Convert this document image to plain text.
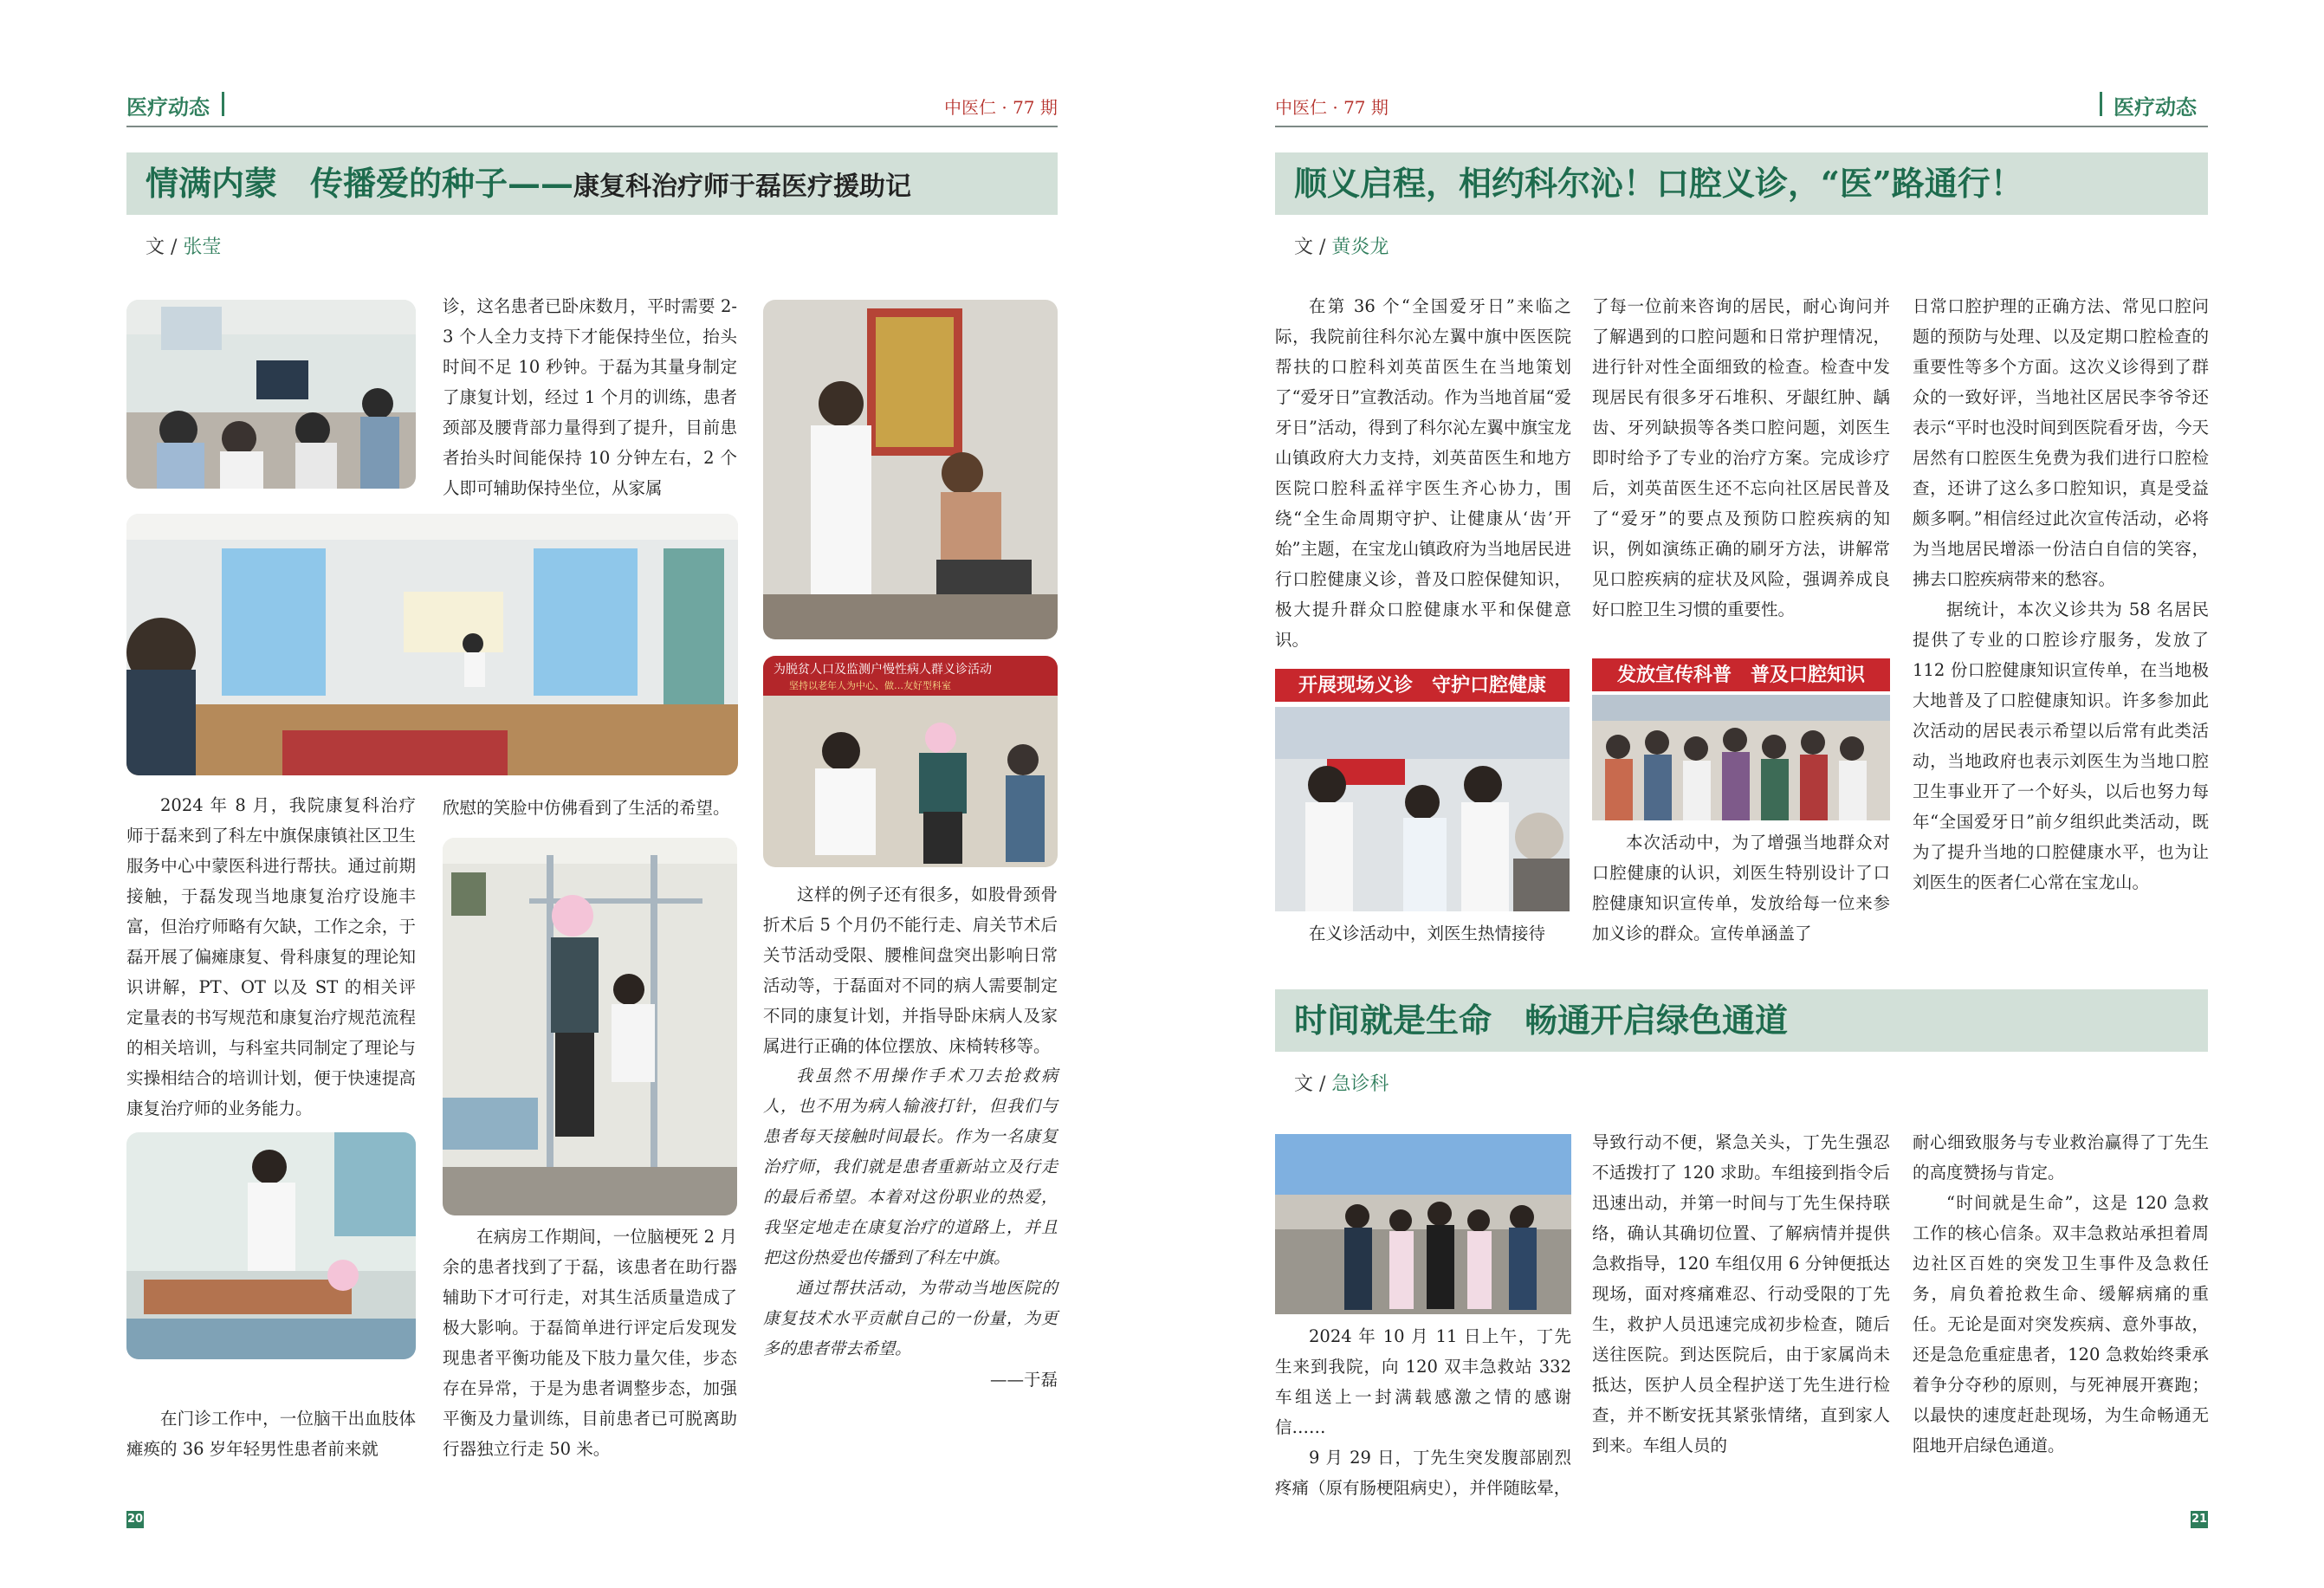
医疗动态	中医仁 · 77 期
情满内蒙　传播爱的种子——康复科治疗师于磊医疗援助记
文 / 张莹
为脱贫人口及监测户慢性病人群义诊活动
坚持以老年人为中心、做…友好型科室

2024 年 8 月，我院康复科治疗师于磊来到了科左中旗保康镇社区卫生服务中心中蒙医科进行帮扶。通过前期接触，于磊发现当地康复治疗设施丰富，但治疗师略有欠缺，工作之余，于磊开展了偏瘫康复、骨科康复的理论知识讲解，PT、OT 以及 ST 的相关评定量表的书写规范和康复治疗规范流程的相关培训，与科室共同制定了理论与实操相结合的培训计划，便于快速提高康复治疗师的业务能力。

在门诊工作中，一位脑干出血肢体瘫痪的 36 岁年轻男性患者前来就

诊，这名患者已卧床数月，平时需要 2-3 个人全力支持下才能保持坐位，抬头时间不足 10 秒钟。于磊为其量身制定了康复计划，经过 1 个月的训练，患者颈部及腰背部力量得到了提升，目前患者抬头时间能保持 10 分钟左右，2 个人即可辅助保持坐位，从家属

欣慰的笑脸中仿佛看到了生活的希望。

在病房工作期间，一位脑梗死 2 月余的患者找到了于磊，该患者在助行器辅助下才可行走，对其生活质量造成了极大影响。于磊简单进行评定后发现发现患者平衡功能及下肢力量欠佳，步态存在异常，于是为患者调整步态，加强平衡及力量训练，目前患者已可脱离助行器独立行走 50 米。

这样的例子还有很多，如股骨颈骨折术后 5 个月仍不能行走、肩关节术后关节活动受限、腰椎间盘突出影响日常活动等，于磊面对不同的病人需要制定不同的康复计划，并指导卧床病人及家属进行正确的体位摆放、床椅转移等。

我虽然不用操作手术刀去抢救病人，也不用为病人输液打针，但我们与患者每天接触时间最长。作为一名康复治疗师，我们就是患者重新站立及行走的最后希望。本着对这份职业的热爱，我坚定地走在康复治疗的道路上，并且把这份热爱也传播到了科左中旗。

通过帮扶活动，为带动当地医院的康复技术水平贡献自己的一份量，为更多的患者带去希望。

——于磊

20
中医仁 · 77 期	医疗动态
顺义启程，相约科尔沁！口腔义诊，“医”路通行！
文 / 黄炎龙

在第 36 个“全国爱牙日”来临之际，我院前往科尔沁左翼中旗中医医院帮扶的口腔科刘英苗医生在当地策划了“爱牙日”宣教活动。作为当地首届“爱牙日”活动，得到了科尔沁左翼中旗宝龙山镇政府大力支持，刘英苗医生和地方医院口腔科孟祥宇医生齐心协力，围绕“全生命周期守护、让健康从‘齿’开始”主题，在宝龙山镇政府为当地居民进行口腔健康义诊，普及口腔保健知识，极大提升群众口腔健康水平和保健意识。

开展现场义诊　守护口腔健康

在义诊活动中，刘医生热情接待

了每一位前来咨询的居民，耐心询问并了解遇到的口腔问题和日常护理情况，进行针对性全面细致的检查。检查中发现居民有很多牙石堆积、牙龈红肿、龋齿、牙列缺损等各类口腔问题，刘医生即时给予了专业的治疗方案。完成诊疗后，刘英苗医生还不忘向社区居民普及了“爱牙”的要点及预防口腔疾病的知识，例如演练正确的刷牙方法，讲解常见口腔疾病的症状及风险，强调养成良好口腔卫生习惯的重要性。

发放宣传科普　普及口腔知识

本次活动中，为了增强当地群众对口腔健康的认识，刘医生特别设计了口腔健康知识宣传单，发放给每一位来参加义诊的群众。宣传单涵盖了

日常口腔护理的正确方法、常见口腔问题的预防与处理、以及定期口腔检查的重要性等多个方面。这次义诊得到了群众的一致好评，当地社区居民李爷爷还表示“平时也没时间到医院看牙齿，今天居然有口腔医生免费为我们进行口腔检查，还讲了这么多口腔知识，真是受益颇多啊。”相信经过此次宣传活动，必将为当地居民增添一份洁白自信的笑容，拂去口腔疾病带来的愁容。

据统计，本次义诊共为 58 名居民提供了专业的口腔诊疗服务，发放了 112 份口腔健康知识宣传单，在当地极大地普及了口腔健康知识。许多参加此次活动的居民表示希望以后常有此类活动，当地政府也表示刘医生为当地口腔卫生事业开了一个好头，以后也努力每年“全国爱牙日”前夕组织此类活动，既为了提升当地的口腔健康水平，也为让刘医生的医者仁心常在宝龙山。

时间就是生命　畅通开启绿色通道
文 / 急诊科

2024 年 10 月 11 日上午，丁先生来到我院，向 120 双丰急救站 332 车组送上一封满载感激之情的感谢信……

9 月 29 日，丁先生突发腹部剧烈疼痛（原有肠梗阻病史），并伴随眩晕，

导致行动不便，紧急关头，丁先生强忍不适拨打了 120 求助。车组接到指令后迅速出动，并第一时间与丁先生保持联络，确认其确切位置、了解病情并提供急救指导，120 车组仅用 6 分钟便抵达现场，面对疼痛难忍、行动受限的丁先生，救护人员迅速完成初步检查，随后送往医院。到达医院后，由于家属尚未抵达，医护人员全程护送丁先生进行检查，并不断安抚其紧张情绪，直到家人到来。车组人员的

耐心细致服务与专业救治赢得了丁先生的高度赞扬与肯定。

“时间就是生命”，这是 120 急救工作的核心信条。双丰急救站承担着周边社区百姓的突发卫生事件及急救任务，肩负着抢救生命、缓解病痛的重任。无论是面对突发疾病、意外事故，还是急危重症患者，120 急救始终秉承着争分夺秒的原则，与死神展开赛跑；以最快的速度赶赴现场，为生命畅通无阻地开启绿色通道。

21
